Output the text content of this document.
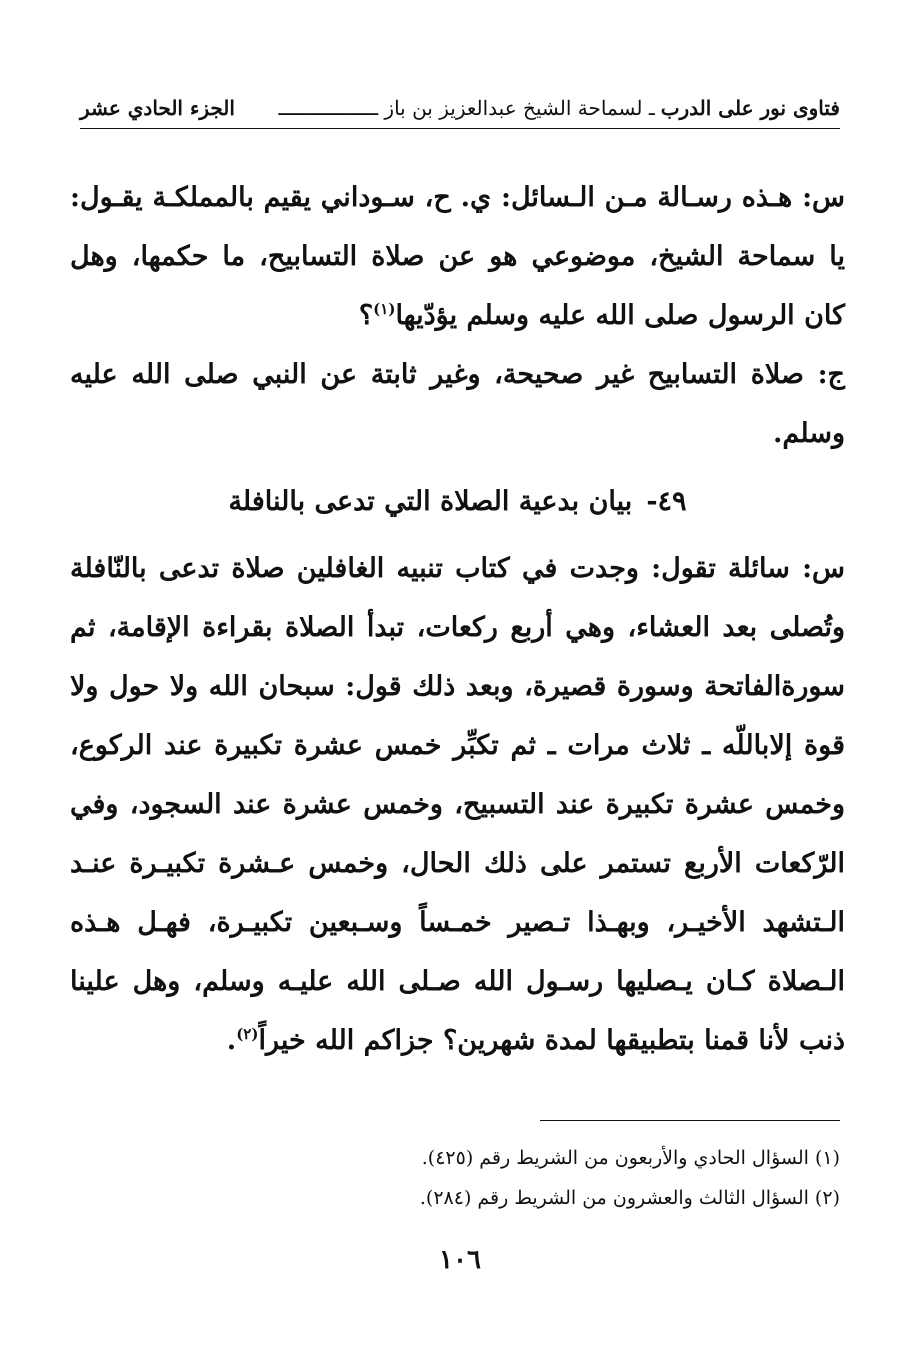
فتاوى نور على الدرب
ـ لسماحة الشيخ عبدالعزيز بن باز ـــــــــــــــــ
الجزء الحادي عشر

س: هـذه رسـالة مـن الـسائل: ي. ح، سـوداني يقيم بالمملكـة يقـول: يا سماحة الشيخ، موضوعي هو عن صلاة التسابيح، ما حكمها، وهل كان الرسول صلى الله عليه وسلم يؤدّيها$^{(١)}$؟

ج: صلاة التسابيح غير صحيحة، وغير ثابتة عن النبي صلى الله عليه وسلم.

٤٩-بيان بدعية الصلاة التي تدعى بالنافلة

س: سائلة تقول: وجدت في كتاب تنبيه الغافلين صلاة تدعى بالنّافلة وتُصلى بعد العشاء، وهي أربع ركعات، تبدأ الصلاة بقراءة الإقامة، ثم سورةالفاتحة وسورة قصيرة، وبعد ذلك قول: سبحان الله ولا حول ولا قوة إلاباللّه ـ ثلاث مرات ـ ثم تكبِّر خمس عشرة تكبيرة عند الركوع، وخمس عشرة تكبيرة عند التسبيح، وخمس عشرة عند السجود، وفي الرّكعات الأربع تستمر على ذلك الحال، وخمس عـشرة تكبيـرة عنـد الـتشهد الأخيـر، وبهـذا تـصير خمـساً وسـبعين تكبيـرة، فهـل هـذه الـصلاة كـان يـصليها رسـول الله صـلى الله عليـه وسلم، وهل علينا ذنب لأنا قمنا بتطبيقها لمدة شهرين؟ جزاكم الله خيراً$^{(٢)}$.

(١) السؤال الحادي والأربعون من الشريط رقم (٤٢٥).
(٢) السؤال الثالث والعشرون من الشريط رقم (٢٨٤).
١٠٦
